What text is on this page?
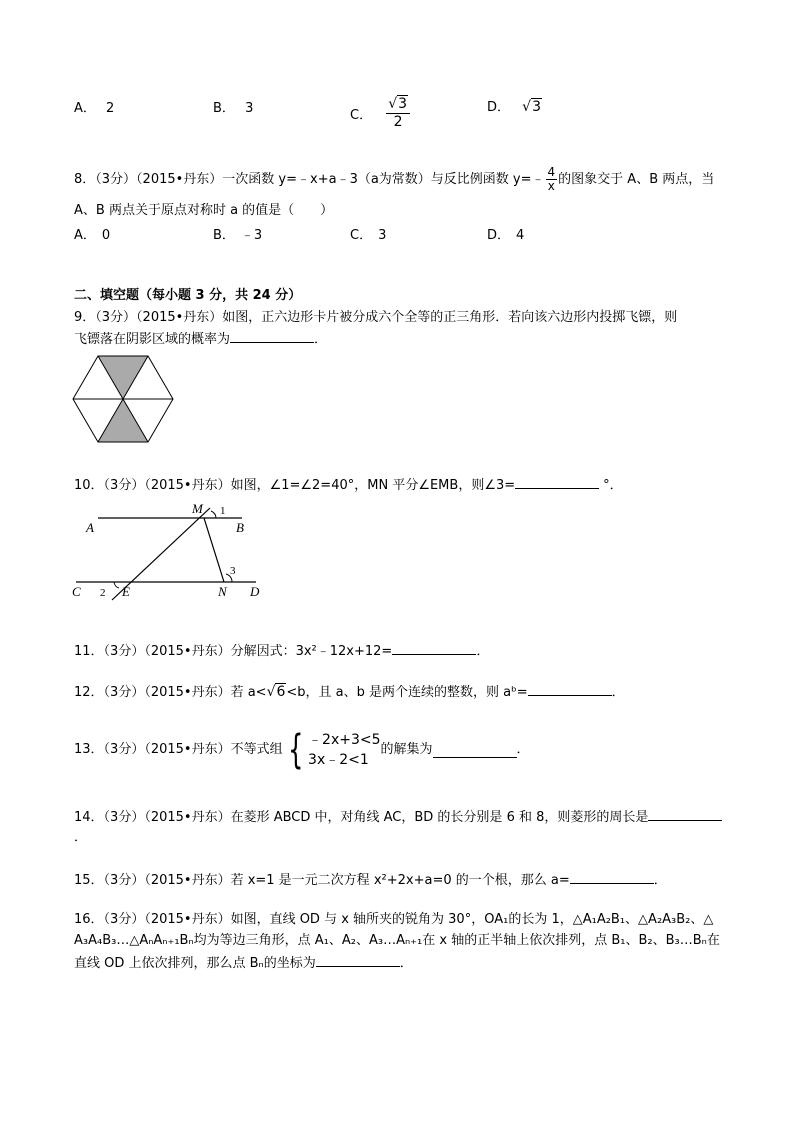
A． 2	B． 3	C． $\frac{√3}{2}$	D． √3
8．（3分）（2015•丹东）一次函数 y=﹣x+a﹣3（a为常数）与反比例函数 y=﹣ $\frac{4}{x}$ 的图象交于 A、B 两点，当
A、B 两点关于原点对称时 a 的值是（　　）
A． 0	B． ﹣3	C． 3	D． 4
二、填空题（每小题 3 分，共 24 分）
9．（3分）（2015•丹东）如图，正六边形卡片被分成六个全等的正三角形．若向该六边形内投掷飞镖，则
飞镖落在阴影区域的概率为	．
10．（3分）（2015•丹东）如图，∠1=∠2=40°，MN 平分∠EMB，则∠3=	°．
M 1
A	B
3
C 2 E	N D
11．（3分）（2015•丹东）分解因式：3x²﹣12x+12=	．
12．（3分）（2015•丹东）若 a<√6<b，且 a、b 是两个连续的整数，则 aᵇ=	．
13．（3分）（2015•丹东）不等式组 { ﹣2x+3<5
3x﹣2<1
的解集为	．
14．（3分）（2015•丹东）在菱形 ABCD 中，对角线 AC，BD 的长分别是 6 和 8，则菱形的周长是
．
15．（3分）（2015•丹东）若 x=1 是一元二次方程 x²+2x+a=0 的一个根，那么 a=	．
16．（3分）（2015•丹东）如图，直线 OD 与 x 轴所夹的锐角为 30°，OA₁的长为 1，△A₁A₂B₁、△A₂A₃B₂、△
A₃A₄B₃…△AₙAₙ₊₁Bₙ均为等边三角形，点 A₁、A₂、A₃…Aₙ₊₁在 x 轴的正半轴上依次排列，点 B₁、B₂、B₃…Bₙ在
直线 OD 上依次排列，那么点 Bₙ的坐标为	．
